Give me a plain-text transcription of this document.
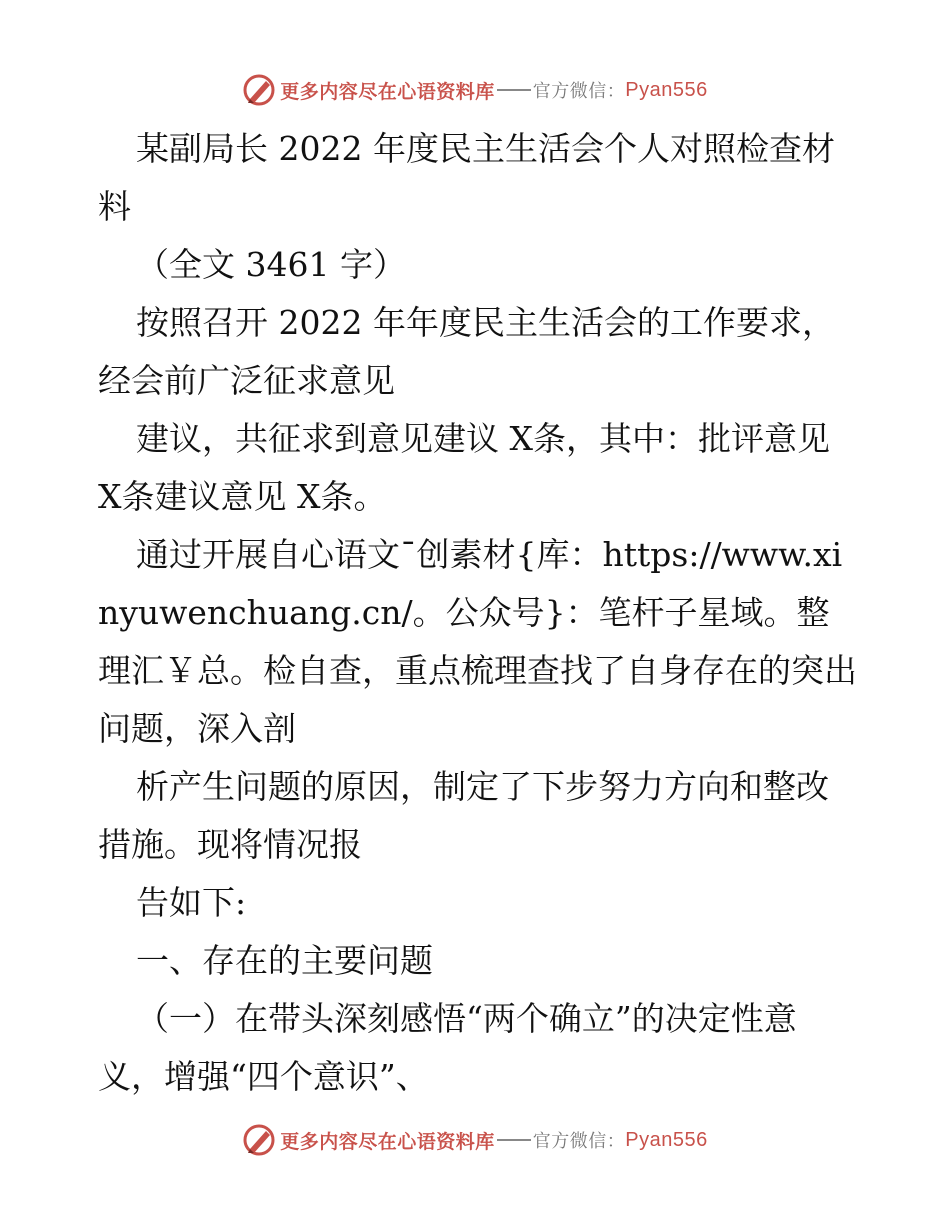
更多内容尽在心语资料库 官方微信： Pyan556

某副局长 2022 年度民主生活会个人对照检查材料

（全文 3461 字）

按照召开 2022 年年度民主生活会的工作要求，经会前广泛征求意见

建议，共征求到意见建议 X条，其中：批评意见 X条建议意见 X条。

通过开展自心语文¯创素材{库：https://www.xinyuwenchuang.cn/。公众号}：笔杆子星域。整理汇￥总。检自查，重点梳理查找了自身存在的突出问题，深入剖

析产生问题的原因，制定了下步努力方向和整改措施。现将情况报

告如下:

一、存在的主要问题

（一）在带头深刻感悟“两个确立”的决定性意义，增强“四个意识”、

更多内容尽在心语资料库 官方微信： Pyan556
